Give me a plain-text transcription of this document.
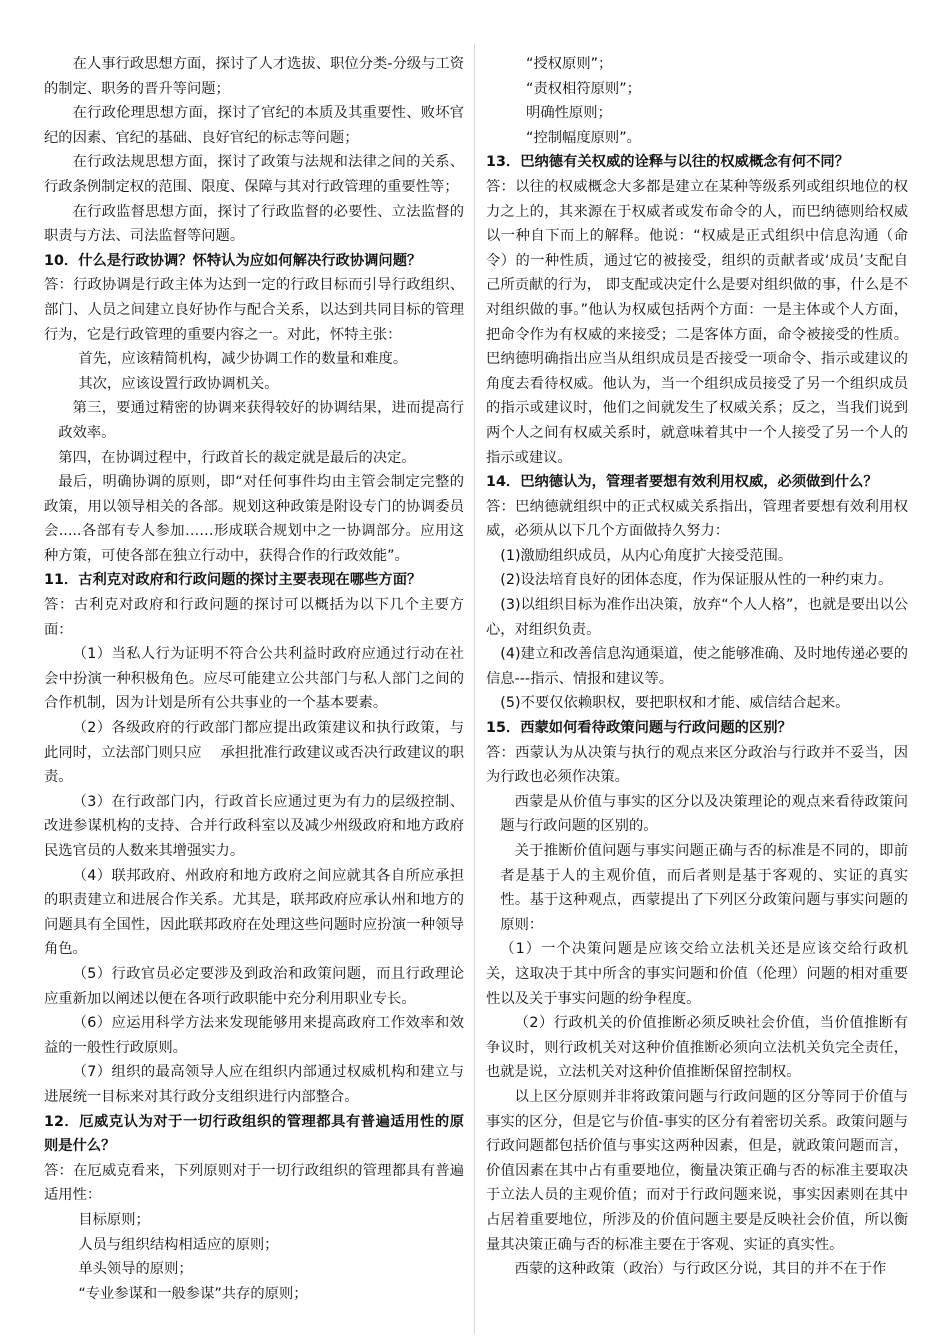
在人事行政思想方面，探讨了人才选拔、职位分类-分级与工资的制定、职务的晋升等问题；

在行政伦理思想方面，探讨了官纪的本质及其重要性、败坏官纪的因素、官纪的基础、良好官纪的标志等问题；

在行政法规思想方面，探讨了政策与法规和法律之间的关系、行政条例制定权的范围、限度、保障与其对行政管理的重要性等；

在行政监督思想方面，探讨了行政监督的必要性、立法监督的职责与方法、司法监督等问题。

10．什么是行政协调？怀特认为应如何解决行政协调问题？

答：行政协调是行政主体为达到一定的行政目标而引导行政组织、部门、人员之间建立良好协作与配合关系，以达到共同目标的管理行为，它是行政管理的重要内容之一。对此，怀特主张：

首先，应该精简机构，减少协调工作的数量和难度。

其次，应该设置行政协调机关。

第三，要通过精密的协调来获得较好的协调结果，进而提高行政效率。

第四，在协调过程中，行政首长的裁定就是最后的决定。

最后，明确协调的原则，即“对任何事件均由主管会制定完整的政策，用以领导相关的各部。规划这种政策是附设专门的协调委员会.....各部有专人参加……形成联合规划中之一协调部分。应用这种方策，可使各部在独立行动中，获得合作的行政效能”。

11．古利克对政府和行政问题的探讨主要表现在哪些方面？

答：古利克对政府和行政问题的探讨可以概括为以下几个主要方面：

（1）当私人行为证明不符合公共利益时政府应通过行动在社会中扮演一种积极角色。应尽可能建立公共部门与私人部门之间的合作机制，因为计划是所有公共事业的一个基本要素。

（2）各级政府的行政部门都应提出政策建议和执行政策，与此同时，立法部门则只应　 承担批准行政建议或否决行政建议的职责。

（3）在行政部门内，行政首长应通过更为有力的层级控制、改进参谋机构的支持、合并行政科室以及减少州级政府和地方政府民选官员的人数来其增强实力。

（4）联邦政府、州政府和地方政府之间应就其各自所应承担的职责建立和进展合作关系。尤其是，联邦政府应承认州和地方的问题具有全国性，因此联邦政府在处理这些问题时应扮演一种领导角色。

（5）行政官员必定要涉及到政治和政策问题，而且行政理论应重新加以阐述以便在各项行政职能中充分利用职业专长。

（6）应运用科学方法来发现能够用来提高政府工作效率和效益的一般性行政原则。

（7）组织的最高领导人应在组织内部通过权威机构和建立与进展统一目标来对其行政分支组织进行内部整合。

12．厄威克认为对于一切行政组织的管理都具有普遍适用性的原则是什么？

答：在厄威克看来，下列原则对于一切行政组织的管理都具有普遍适用性：

目标原则；

人员与组织结构相适应的原则；

单头领导的原则；

“专业参谋和一般参谋”共存的原则；

“授权原则”；

“责权相符原则”；

明确性原则；

“控制幅度原则”。

13．巴纳德有关权威的诠释与以往的权威概念有何不同？

答：以往的权威概念大多都是建立在某种等级系列或组织地位的权力之上的，其来源在于权威者或发布命令的人，而巴纳德则给权威以一种自下而上的解释。他说：“权威是正式组织中信息沟通（命令）的一种性质，通过它的被接受，组织的贡献者或‘成员’支配自己所贡献的行为， 即支配或决定什么是要对组织做的事，什么是不对组织做的事。”他认为权威包括两个方面：一是主体或个人方面，把命令作为有权威的来接受；二是客体方面，命令被接受的性质。巴纳德明确指出应当从组织成员是否接受一项命令、指示或建议的角度去看待权威。他认为，当一个组织成员接受了另一个组织成员的指示或建议时，他们之间就发生了权威关系；反之，当我们说到两个人之间有权威关系时，就意味着其中一个人接受了另一个人的指示或建议。

14．巴纳德认为，管理者要想有效利用权威，必须做到什么？

答：巴纳德就组织中的正式权威关系指出，管理者要想有效利用权威，必须从以下几个方面做持久努力：

(1)激励组织成员，从内心角度扩大接受范围。

(2)设法培育良好的团体态度，作为保证服从性的一种约束力。

(3)以组织目标为准作出决策，放弃“个人人格”，也就是要出以公心，对组织负责。

(4)建立和改善信息沟通渠道，使之能够准确、及时地传递必要的信息---指示、情报和建议等。

(5)不要仅依赖职权，要把职权和才能、威信结合起来。

15．西蒙如何看待政策问题与行政问题的区别？

答：西蒙认为从决策与执行的观点来区分政治与行政并不妥当，因为行政也必须作决策。

西蒙是从价值与事实的区分以及决策理论的观点来看待政策问题与行政问题的区别的。

关于推断价值问题与事实问题正确与否的标准是不同的，即前者是基于人的主观价值，而后者则是基于客观的、实证的真实性。基于这种观点，西蒙提出了下列区分政策问题与事实问题的原则：

（1）一个决策问题是应该交给立法机关还是应该交给行政机关，这取决于其中所含的事实问题和价值（伦理）问题的相对重要性以及关于事实问题的纷争程度。

（2）行政机关的价值推断必须反映社会价值，当价值推断有争议时，则行政机关对这种价值推断必须向立法机关负完全责任，也就是说，立法机关对这种价值推断保留控制权。

以上区分原则并非将政策问题与行政问题的区分等同于价值与事实的区分，但是它与价值-事实的区分有着密切关系。政策问题与行政问题都包括价值与事实这两种因素，但是，就政策问题而言，价值因素在其中占有重要地位，衡量决策正确与否的标准主要取决于立法人员的主观价值；而对于行政问题来说，事实因素则在其中占居着重要地位，所涉及的价值问题主要是反映社会价值，所以衡量其决策正确与否的标准主要在于客观、实证的真实性。

西蒙的这种政策（政治）与行政区分说，其目的并不在于作
